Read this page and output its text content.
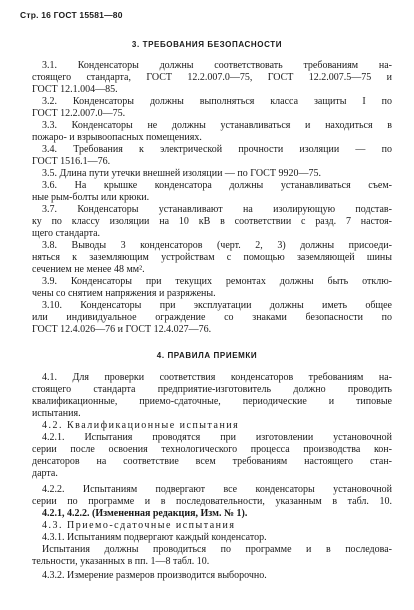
Стр. 16 ГОСТ 15581—80
3. ТРЕБОВАНИЯ БЕЗОПАСНОСТИ
3.1. Конденсаторы должны соответствовать требованиям на-
стоящего стандарта, ГОСТ 12.2.007.0—75, ГОСТ 12.2.007.5—75 и
ГОСТ 12.1.004—85.
3.2. Конденсаторы должны выполняться класса защиты I по
ГОСТ 12.2.007.0—75.
3.3. Конденсаторы не должны устанавливаться и находиться в
пожаро- и взрывоопасных помещениях.
3.4. Требования к электрической прочности изоляции — по
ГОСТ 1516.1—76.
3.5. Длина пути утечки внешней изоляции — по ГОСТ 9920—75.
3.6. На крышке конденсатора должны устанавливаться съем-
ные рым-болты или крюки.
3.7. Конденсаторы устанавливают на изолирующую подстав-
ку по классу изоляции на 10 кВ в соответствии с разд. 7 настоя-
щего стандарта.
3.8. Выводы 3 конденсаторов (черт. 2, 3) должны присоеди-
няться к заземляющим устройствам с помощью заземляющей шины
сечением не менее 48 мм².
3.9. Конденсаторы при текущих ремонтах должны быть отклю-
чены со снятием напряжения и разряжены.
3.10. Конденсаторы при эксплуатации должны иметь общее
или индивидуальное ограждение со знаками безопасности по
ГОСТ 12.4.026—76 и ГОСТ 12.4.027—76.
4. ПРАВИЛА ПРИЕМКИ
4.1. Для проверки соответствия конденсаторов требованиям на-
стоящего стандарта предприятие-изготовитель должно проводить
квалификационные, приемо-сдаточные, периодические и типовые
испытания.
4.2. Квалификационные испытания
4.2.1. Испытания проводятся при изготовлении установочной
серии после освоения технологического процесса производства кон-
денсаторов на соответствие всем требованиям настоящего стан-
дарта.
4.2.2. Испытаниям подвергают все конденсаторы установочной
серии по программе и в последовательности, указанным в табл. 10.
4.2.1, 4.2.2. (Измененная редакция, Изм. № 1).
4.3. Приемо-сдаточные испытания
4.3.1. Испытаниям подвергают каждый конденсатор.
Испытания должны проводиться по программе и в последова-
тельности, указанных в пп. 1—8 табл. 10.
4.3.2. Измерение размеров производится выборочно.
